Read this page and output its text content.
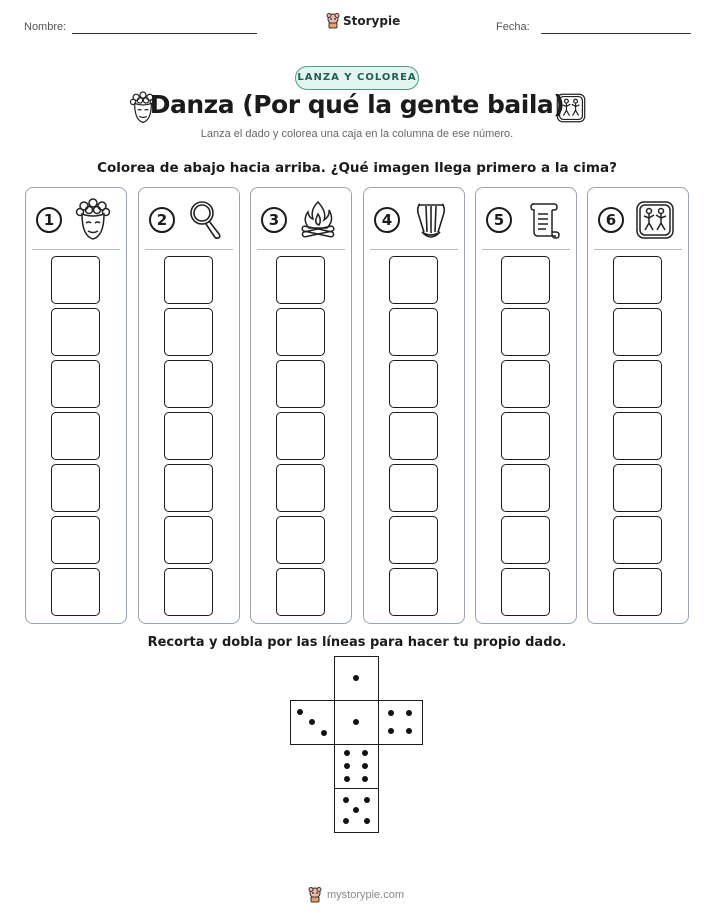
Nombre:	Storypie	Fecha:
LANZA Y COLOREA
Danza (Por qué la gente baila)
Lanza el dado y colorea una caja en la columna de ese número.
Colorea de abajo hacia arriba. ¿Qué imagen llega primero a la cima?
1	2	3	4	5	6
Recorta y dobla por las líneas para hacer tu propio dado.
mystorypie.com
